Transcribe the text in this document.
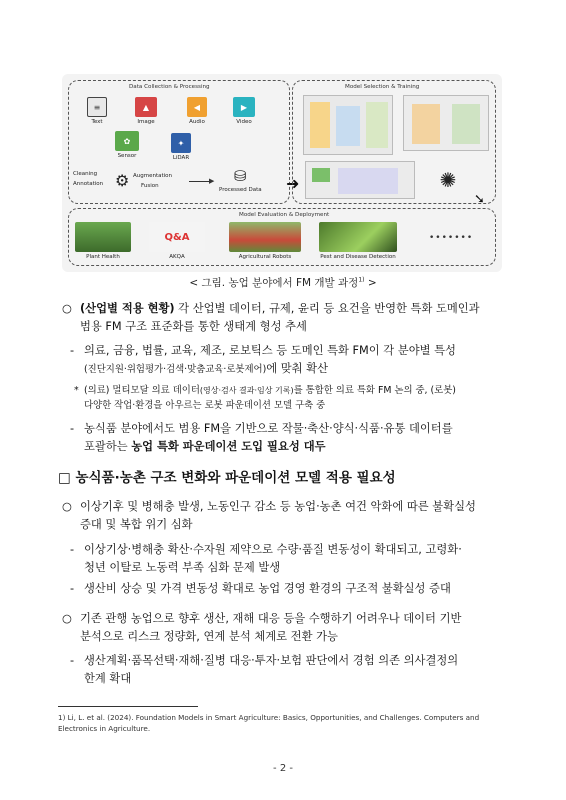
Data Collection & Processing
≡
Text
▲
Image
◀
Audio
▶
Video
✿
Sensor
✦
LiDAR
Cleaning
Annotation ⚙ Augmentation
Fusion
▶ ⛁
Processed Data ➜
Model Selection & Training
✺
➘
Model Evaluation & Deployment
Plant Health
Q&A
AKQA	Agricultural Robots	Pest and Disease Detection
•••••••
< 그림. 농업 분야에서 FM 개발 과정$^{1)}$ >
○ (산업별 적용 현황) 각 산업별 데이터, 규제, 윤리 등 요건을 반영한 특화 도메인과
범용 FM 구조 표준화를 통한 생태계 형성 추세
- 의료, 금융, 법률, 교육, 제조, 로보틱스 등 도메인 특화 FM이 각 분야별 특성
(진단지원·위험평가·검색·맞춤교육·로봇제어)에 맞춰 확산
* (의료) 멀티모달 의료 데이터(영상·검사 결과·임상 기록)를 통합한 의료 특화 FM 논의 중, (로봇)
다양한 작업·환경을 아우르는 로봇 파운데이션 모델 구축 중
- 농식품 분야에서도 범용 FM을 기반으로 작물·축산·양식·식품·유통 데이터를
포괄하는 농업 특화 파운데이션 도입 필요성 대두
□ 농식품·농촌 구조 변화와 파운데이션 모델 적용 필요성
○ 이상기후 및 병해충 발생, 노동인구 감소 등 농업·농촌 여건 악화에 따른 불확실성
증대 및 복합 위기 심화
- 이상기상·병해충 확산·수자원 제약으로 수량·품질 변동성이 확대되고, 고령화·
청년 이탈로 노동력 부족 심화 문제 발생
- 생산비 상승 및 가격 변동성 확대로 농업 경영 환경의 구조적 불확실성 증대
○ 기존 관행 농업으로 향후 생산, 재해 대응 등을 수행하기 어려우나 데이터 기반
분석으로 리스크 정량화, 연계 분석 체계로 전환 가능
- 생산계획·품목선택·재해·질병 대응·투자·보험 판단에서 경험 의존 의사결정의
한계 확대
1) Li, L. et al. (2024). Foundation Models in Smart Agriculture: Basics, Opportunities, and Challenges. Computers and Electronics in Agriculture.
- 2 -
